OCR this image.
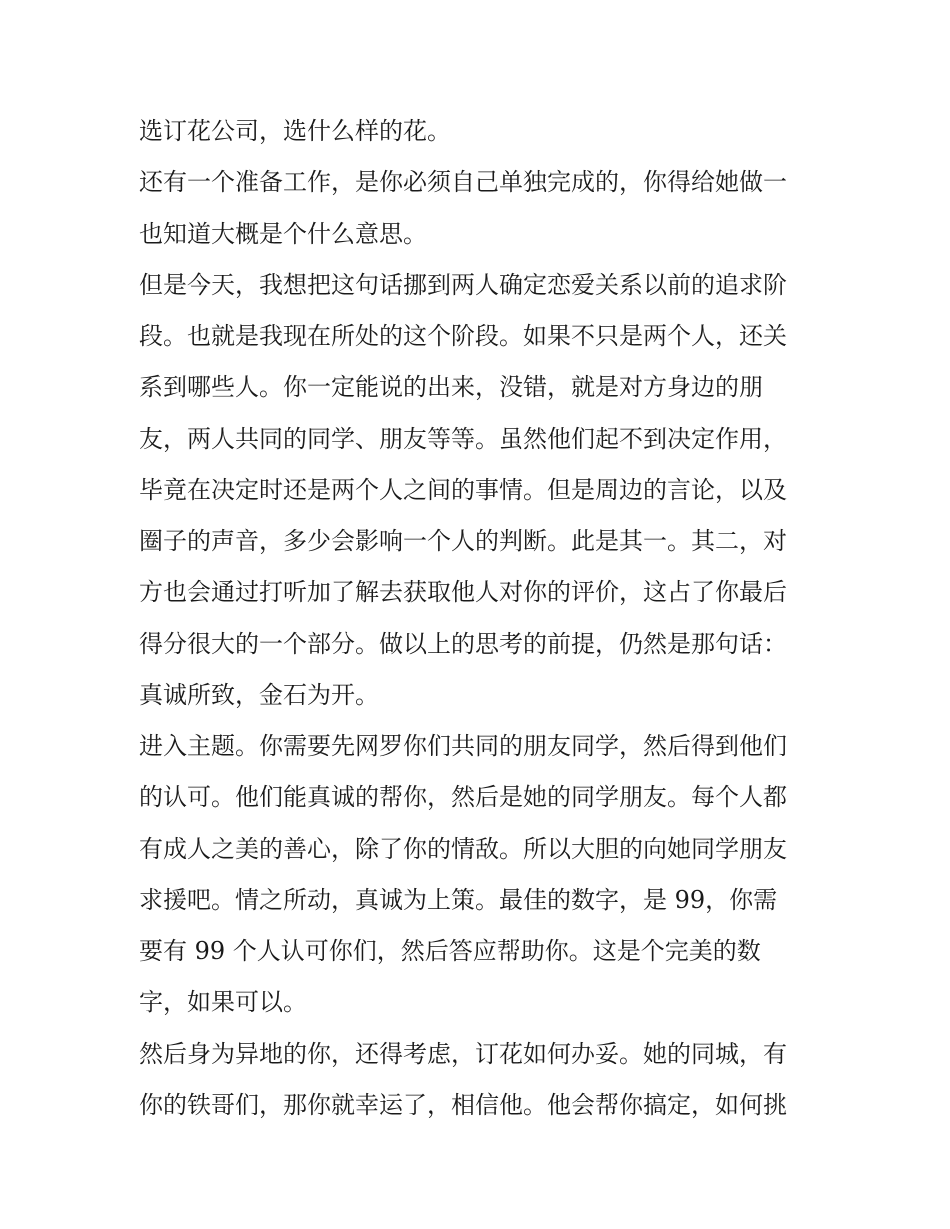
选订花公司，选什么样的花。
还有一个准备工作，是你必须自己单独完成的，你得给她做一
也知道大概是个什么意思。
但是今天，我想把这句话挪到两人确定恋爱关系以前的追求阶
段。也就是我现在所处的这个阶段。如果不只是两个人，还关
系到哪些人。你一定能说的出来，没错，就是对方身边的朋
友，两人共同的同学、朋友等等。虽然他们起不到决定作用，
毕竟在决定时还是两个人之间的事情。但是周边的言论，以及
圈子的声音，多少会影响一个人的判断。此是其一。其二，对
方也会通过打听加了解去获取他人对你的评价，这占了你最后
得分很大的一个部分。做以上的思考的前提，仍然是那句话：
真诚所致，金石为开。
进入主题。你需要先网罗你们共同的朋友同学，然后得到他们
的认可。他们能真诚的帮你，然后是她的同学朋友。每个人都
有成人之美的善心，除了你的情敌。所以大胆的向她同学朋友
求援吧。情之所动，真诚为上策。最佳的数字，是 99，你需
要有 99 个人认可你们，然后答应帮助你。这是个完美的数
字，如果可以。
然后身为异地的你，还得考虑，订花如何办妥。她的同城，有
你的铁哥们，那你就幸运了，相信他。他会帮你搞定，如何挑
